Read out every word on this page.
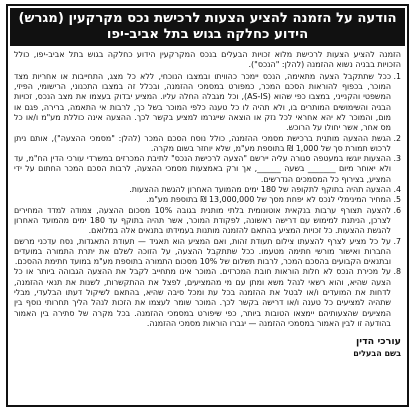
הודעה על הזמנה להציע הצעות לרכישת נכס מקרקעין (מגרש)
הידוע כחלקה בגוש בתל אביב-יפו
הזמנה להציע הצעות לרכישת מלוא זכויות הבעלים בנכס המקרקעין הידוע כחלקה בגוש בתל אביב-יפו, כולל הזכויות בבניה נשוא ההזמנה (להלן: "הנכס").
1.
ככל שתתקבל הצעה מתאימה, הנכס יימכר כהוויתו ובמצבו הנוכחי, ללא כל מצג, התחייבות או אחריות מצד המוכר, בכפוף להוראות הסכם המכר, כמפורט במסמכי ההזמנה, ובכלל זה במצבו התכנוני, הרישומי, הפיזי, המשפטי והקנייני, במצבו כפי שהוא (AS-IS), וכל מגבלה החלה עליו. המציע יבדוק בעצמו את מצב הנכס, זכויות הבניה והשימושים המותרים בו, ולא תהיה לו כל טענה כלפי המוכר בשל כך, לרבות אי התאמה, ברירה, פגם או מום, והמוכר לא יהא אחראי לכל נזק או הוצאה שייגרמו למציע בקשר לכך. ההצעה אינה כוללת מע"מ ו/או כל מס אחר, אשר יחולו על הרוכש.
2.
הגשת ההצעה מותנית ברכישת מסמכי ההזמנה, כולל נוסח הסכם המכר (להלן: "מסמכי ההצעה"), אותם ניתן לרכוש תמורת סך של 1,000 ₪ בתוספת מע"מ, שלא יוחזר בשום מקרה.
3.
ההצעות יוגשו במעטפה סגורה עליה יירשם "הצעה לרכישת הנכס" לתיבת המכרזים במשרדי עורכי הדין הח"מ, עד ולא יאוחר מיום _______ בשעה ______, אך ורק באמצעות מסמכי ההצעה, לרבות הסכם המכר החתום על ידי המציע, בצירוף כל המסמכים הנדרשים.
4.
ההצעה תהיה בתוקף לתקופה של 180 ימים מהמועד האחרון להגשת ההצעות.
5.
המחיר המינימלי לנכס לא יפחת מסך של 13,000,000 ₪ בתוספת מע"מ.
6.
להצעה תצורף ערבות בנקאית אוטונומית בלתי מותנית בגובה 10% מסכום ההצעה, צמודה למדד המחירים לצרכן, הניתנת למימוש עם דרישה ראשונה, לפקודת המוכר, אשר תהיה בתוקף עד 180 ימים מהמועד האחרון להגשת ההצעות. כל זכויות המציע בהתאם להזמנה מותנות בעמידתו בתנאים אלה במלואם.
7.
על כל מציע לצרף להצעתו צילום תעודת זהות, ואם המציע הוא תאגיד — תעודת התאגדות, נסח עדכני מרשם החברות ואישור מורשי חתימה מטעמו. ככל שתתקבל ההצעה, על הזוכה לשלם את יתרת התמורה במועדים ובתנאים הקבועים בהסכם המכר, לרבות תשלום של 10% מסכום התמורה בתוספת מע"מ במועד חתימת ההסכם.
8.
על מכירת הנכס לא חלות הוראות חובת המכרזים. המוכר אינו מתחייב לקבל את ההצעה הגבוהה ביותר או כל הצעה שהיא, והוא רשאי לנהל משא ומתן עם מי מהמציעים, לפצל את ההתקשרות, לשנות את תנאי ההזמנה, לדחות את המועדים ו/או לבטל את ההזמנה בכל עת ומכל סיבה שהיא, בהתאם לשיקול דעתו הבלעדי, מבלי שתהיה למציעים כל טענה ו/או דרישה בקשר לכך. המוכר שומר לעצמו את הזכות לנהל הליך תחרותי נוסף בין המציעים שהצעותיהם יימצאו הטובות ביותר, כפי שיפורט במסמכי ההזמנה. בכל מקרה של סתירה בין האמור בהודעה זו לבין האמור במסמכי ההזמנה — יגברו הוראות מסמכי ההזמנה.
עורכי הדין
בשם הבעלים
